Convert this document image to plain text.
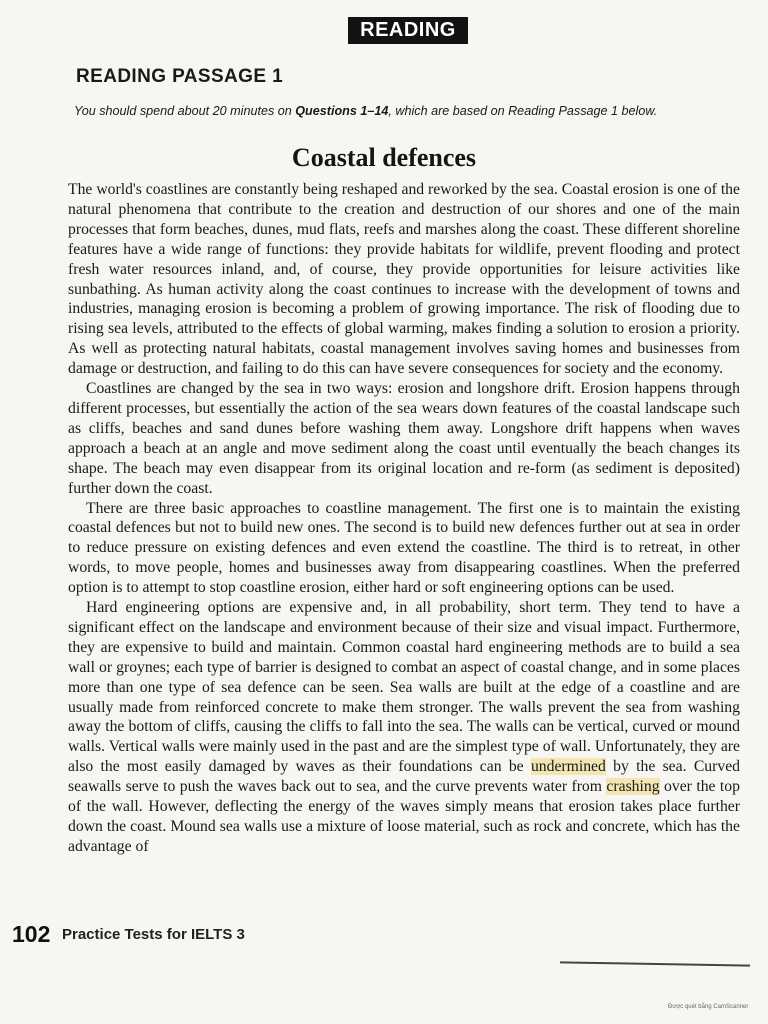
READING
READING PASSAGE 1
You should spend about 20 minutes on Questions 1–14, which are based on Reading Passage 1 below.
Coastal defences

The world's coastlines are constantly being reshaped and reworked by the sea. Coastal erosion is one of the natural phenomena that contribute to the creation and destruction of our shores and one of the main processes that form beaches, dunes, mud flats, reefs and marshes along the coast. These different shoreline features have a wide range of functions: they provide habitats for wildlife, prevent flooding and protect fresh water resources inland, and, of course, they provide opportunities for leisure activities like sunbathing. As human activity along the coast continues to increase with the development of towns and industries, managing erosion is becoming a problem of growing importance. The risk of flooding due to rising sea levels, attributed to the effects of global warming, makes finding a solution to erosion a priority. As well as protecting natural habitats, coastal management involves saving homes and businesses from damage or destruction, and failing to do this can have severe consequences for society and the economy.

Coastlines are changed by the sea in two ways: erosion and longshore drift. Erosion happens through different processes, but essentially the action of the sea wears down features of the coastal landscape such as cliffs, beaches and sand dunes before washing them away. Longshore drift happens when waves approach a beach at an angle and move sediment along the coast until eventually the beach changes its shape. The beach may even disappear from its original location and re-form (as sediment is deposited) further down the coast.

There are three basic approaches to coastline management. The first one is to maintain the existing coastal defences but not to build new ones. The second is to build new defences further out at sea in order to reduce pressure on existing defences and even extend the coastline. The third is to retreat, in other words, to move people, homes and businesses away from disappearing coastlines. When the preferred option is to attempt to stop coastline erosion, either hard or soft engineering options can be used.

Hard engineering options are expensive and, in all probability, short term. They tend to have a significant effect on the landscape and environment because of their size and visual impact. Furthermore, they are expensive to build and maintain. Common coastal hard engineering methods are to build a sea wall or groynes; each type of barrier is designed to combat an aspect of coastal change, and in some places more than one type of sea defence can be seen. Sea walls are built at the edge of a coastline and are usually made from reinforced concrete to make them stronger. The walls prevent the sea from washing away the bottom of cliffs, causing the cliffs to fall into the sea. The walls can be vertical, curved or mound walls. Vertical walls were mainly used in the past and are the simplest type of wall. Unfortunately, they are also the most easily damaged by waves as their foundations can be undermined by the sea. Curved seawalls serve to push the waves back out to sea, and the curve prevents water from crashing over the top of the wall. However, deflecting the energy of the waves simply means that erosion takes place further down the coast. Mound sea walls use a mixture of loose material, such as rock and concrete, which has the advantage of

102 Practice Tests for IELTS 3
Được quét bằng CamScanner
